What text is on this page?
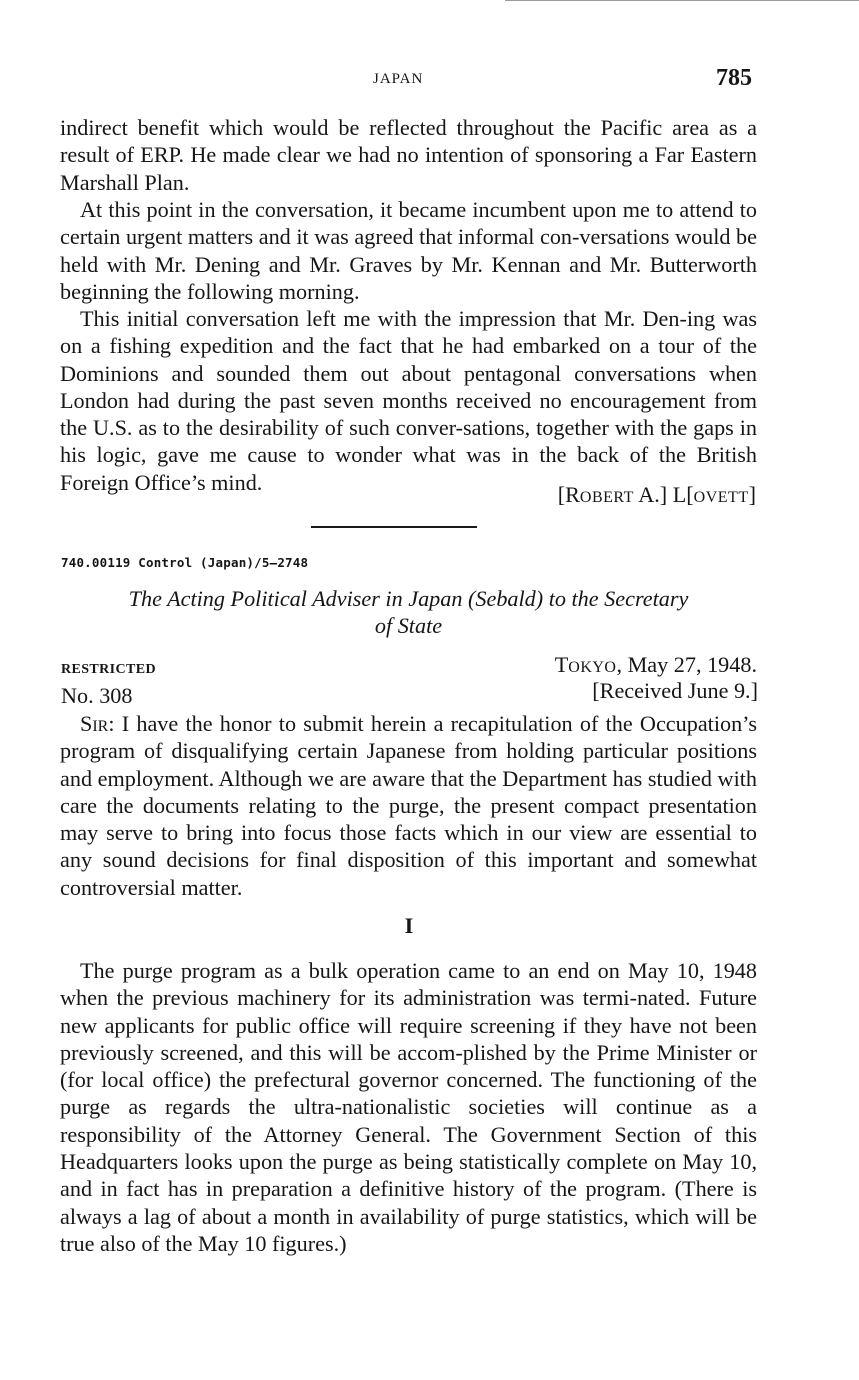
JAPAN	785

indirect benefit which would be reflected throughout the Pacific area as a result of ERP. He made clear we had no intention of sponsoring a Far Eastern Marshall Plan.

At this point in the conversation, it became incumbent upon me to attend to certain urgent matters and it was agreed that informal con-versations would be held with Mr. Dening and Mr. Graves by Mr. Kennan and Mr. Butterworth beginning the following morning.

This initial conversation left me with the impression that Mr. Den-ing was on a fishing expedition and the fact that he had embarked on a tour of the Dominions and sounded them out about pentagonal conversations when London had during the past seven months received no encouragement from the U.S. as to the desirability of such conver-sations, together with the gaps in his logic, gave me cause to wonder what was in the back of the British Foreign Office’s mind.	[ROBERT A.] L[OVETT]
740.00119 Control (Japan)/5–2748
The Acting Political Adviser in Japan (Sebald) to the Secretary
of State
RESTRICTED
No. 308
TOKYO, May 27, 1948.
[Received June 9.]

Sir: I have the honor to submit herein a recapitulation of the Occupation’s program of disqualifying certain Japanese from holding particular positions and employment. Although we are aware that the Department has studied with care the documents relating to the purge, the present compact presentation may serve to bring into focus those facts which in our view are essential to any sound decisions for final disposition of this important and somewhat controversial matter.

I

The purge program as a bulk operation came to an end on May 10, 1948 when the previous machinery for its administration was termi-nated. Future new applicants for public office will require screening if they have not been previously screened, and this will be accom-plished by the Prime Minister or (for local office) the prefectural governor concerned. The functioning of the purge as regards the ultra-nationalistic societies will continue as a responsibility of the Attorney General. The Government Section of this Headquarters looks upon the purge as being statistically complete on May 10, and in fact has in preparation a definitive history of the program. (There is always a lag of about a month in availability of purge statistics, which will be true also of the May 10 figures.)
